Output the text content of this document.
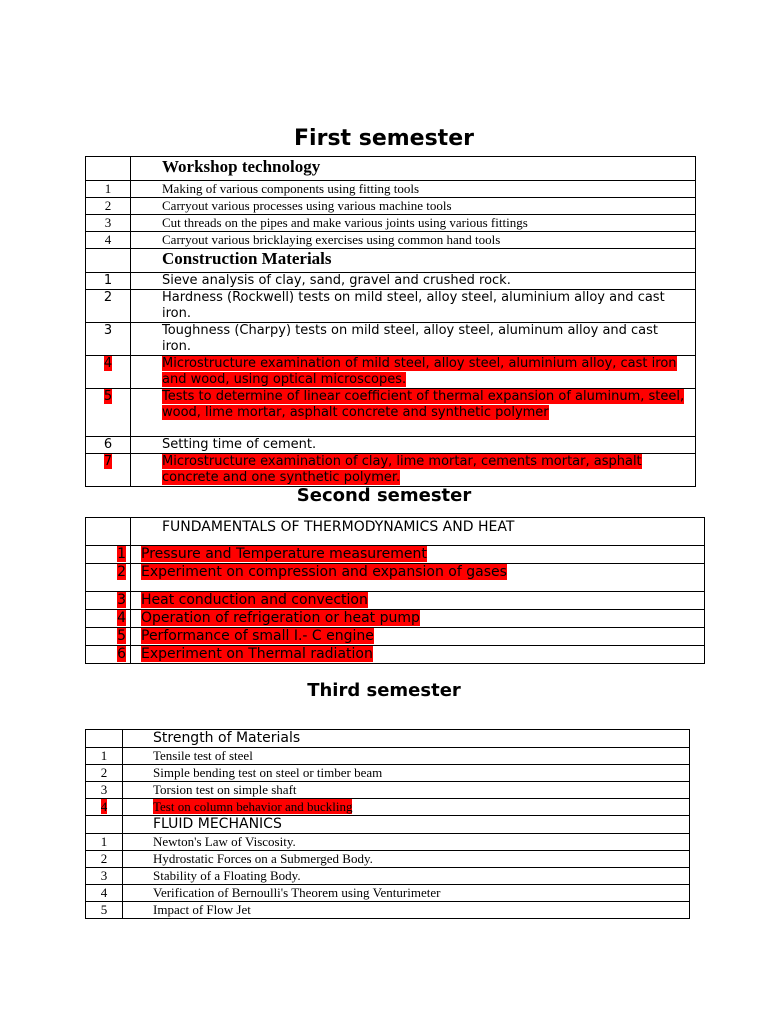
First semester
	Workshop technology
1	Making of various components using fitting tools
2	Carryout various processes using various machine tools
3	Cut threads on the pipes and make various joints using various fittings
4	Carryout various bricklaying exercises using common hand tools
	Construction Materials
1	Sieve analysis of clay, sand, gravel and crushed rock.
2	Hardness (Rockwell) tests on mild steel, alloy steel, aluminium alloy and cast iron.
3	Toughness (Charpy) tests on mild steel, alloy steel, aluminum alloy and cast iron.
4	Microstructure examination of mild steel, alloy steel, aluminium alloy, cast iron and wood, using optical microscopes.
5	Tests to determine of linear coefficient of thermal expansion of aluminum, steel, wood, lime mortar, asphalt concrete and synthetic polymer
6	Setting time of cement.
7	Microstructure examination of clay, lime mortar, cements mortar, asphalt concrete and one synthetic polymer.
Second semester
	FUNDAMENTALS OF THERMODYNAMICS AND HEAT
1	Pressure and Temperature measurement
2	Experiment on compression and expansion of gases
3	Heat conduction and convection
4	Operation of refrigeration or heat pump
5	Performance of small I.- C engine
6	Experiment on Thermal radiation
Third semester
	Strength of Materials
1	Tensile test of steel
2	Simple bending test on steel or timber beam
3	Torsion test on simple shaft
4	Test on column behavior and buckling
	FLUID MECHANICS
1	Newton's Law of Viscosity.
2	Hydrostatic Forces on a Submerged Body.
3	Stability of a Floating Body.
4	Verification of Bernoulli's Theorem using Venturimeter
5	Impact of Flow Jet
